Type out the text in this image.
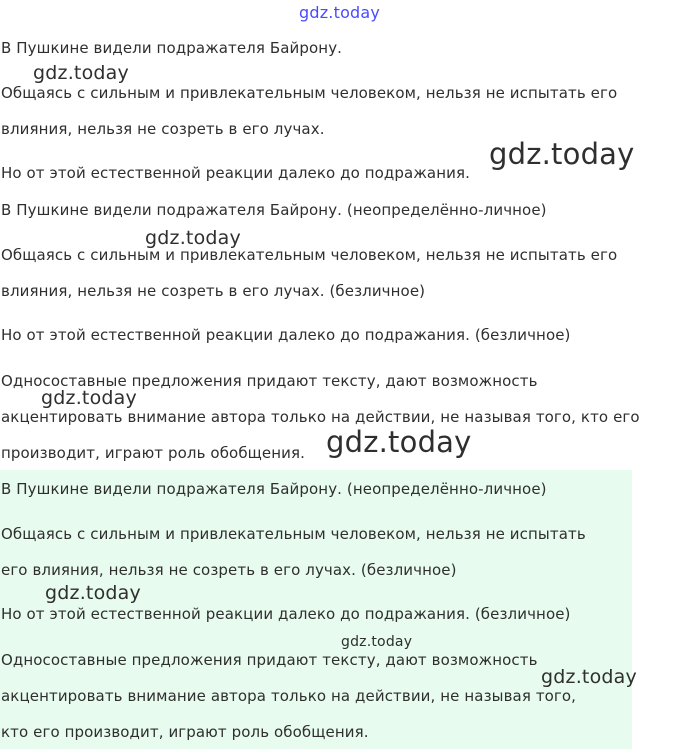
gdz.today
В Пушкине видели подражателя Байрону.
Общаясь с сильным и привлекательным человеком, нельзя не испытать его
влияния, нельзя не созреть в его лучах.
Но от этой естественной реакции далеко до подражания.
В Пушкине видели подражателя Байрону. (неопределённо-личное)
Общаясь с сильным и привлекательным человеком, нельзя не испытать его
влияния, нельзя не созреть в его лучах. (безличное)
Но от этой естественной реакции далеко до подражания. (безличное)
Односоставные предложения придают тексту, дают возможность
акцентировать внимание автора только на действии, не называя того, кто его
производит, играют роль обобщения.
В Пушкине видели подражателя Байрону. (неопределённо-личное)
Общаясь с сильным и привлекательным человеком, нельзя не испытать
его влияния, нельзя не созреть в его лучах. (безличное)
Но от этой естественной реакции далеко до подражания. (безличное)
Односоставные предложения придают тексту, дают возможность
акцентировать внимание автора только на действии, не называя того,
кто его производит, играют роль обобщения.
gdz.today
gdz.today
gdz.today
gdz.today
gdz.today
gdz.today
gdz.today
gdz.today
